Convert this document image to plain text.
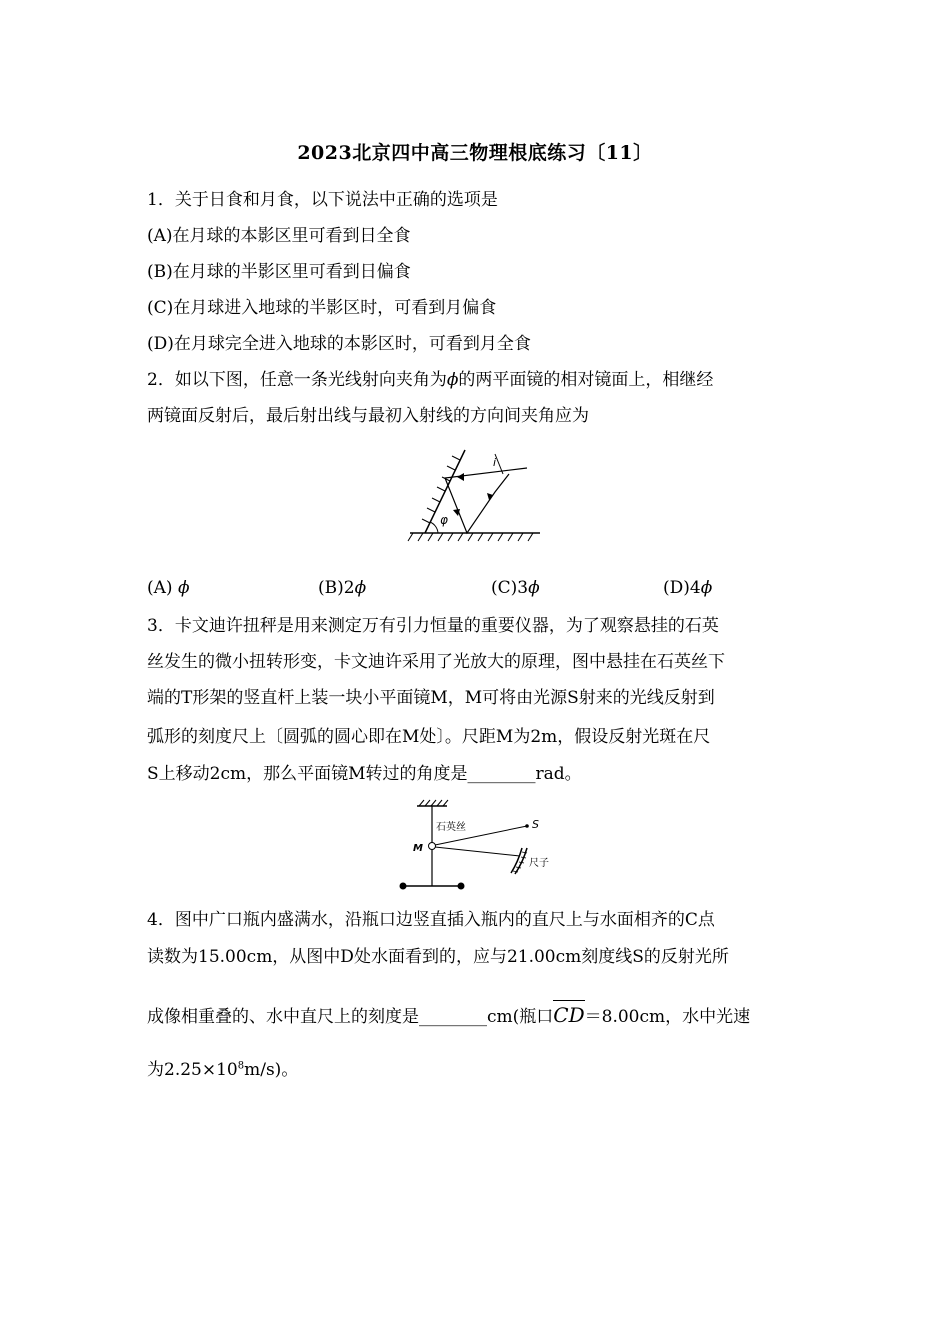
2023北京四中高三物理根底练习〔11〕
1．关于日食和月食，以下说法中正确的选项是
(A)在月球的本影区里可看到日全食
(B)在月球的半影区里可看到日偏食
(C)在月球进入地球的半影区时，可看到月偏食
(D)在月球完全进入地球的本影区时，可看到月全食
2．如以下图，任意一条光线射向夹角为ϕ的两平面镜的相对镜面上，相继经
两镜面反射后，最后射出线与最初入射线的方向间夹角应为
i
φ
(A) ϕ	(B)2ϕ	(C)3ϕ	(D)4ϕ
3．卡文迪许扭秤是用来测定万有引力恒量的重要仪器，为了观察悬挂的石英
丝发生的微小扭转形变，卡文迪许采用了光放大的原理，图中悬挂在石英丝下
端的T形架的竖直杆上装一块小平面镜M，M可将由光源S射来的光线反射到
弧形的刻度尺上〔圆弧的圆心即在M处〕。尺距M为2m，假设反射光斑在尺
S上移动2cm，那么平面镜M转过的角度是________rad。
石英丝	S
M
尺子
4．图中广口瓶内盛满水，沿瓶口边竖直插入瓶内的直尺上与水面相齐的C点
读数为15.00cm，从图中D处水面看到的，应与21.00cm刻度线S的反射光所
成像相重叠的、水中直尺上的刻度是________cm(瓶口CD＝8.00cm，水中光速
为$2.25\times 10^8m/s$)。
